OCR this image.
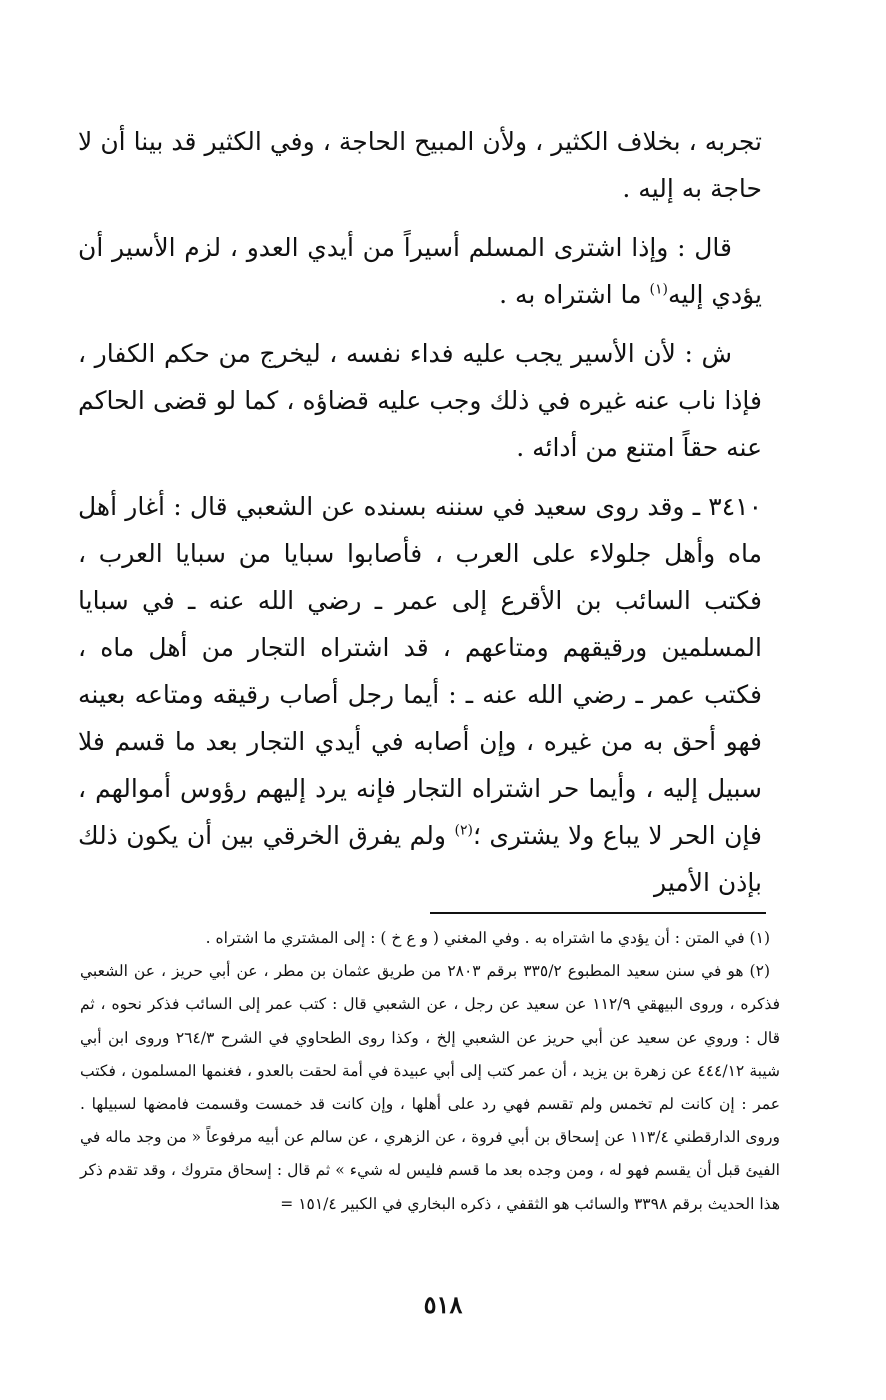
تجربه ، بخلاف الكثير ، ولأن المبيح الحاجة ، وفي الكثير قد بينا أن لا حاجة به إليه .

قال : وإذا اشترى المسلم أسيراً من أيدي العدو ، لزم الأسير أن يؤدي إليه$^{(١)}$ ما اشتراه به .

ش : لأن الأسير يجب عليه فداء نفسه ، ليخرج من حكم الكفار ، فإذا ناب عنه غيره في ذلك وجب عليه قضاؤه ، كما لو قضى الحاكم عنه حقاً امتنع من أدائه .

٣٤١٠ ـ وقد روى سعيد في سننه بسنده عن الشعبي قال : أغار أهل ماه وأهل جلولاء على العرب ، فأصابوا سبايا من سبايا العرب ، فكتب السائب بن الأقرع إلى عمر ـ رضي الله عنه ـ في سبايا المسلمين ورقيقهم ومتاعهم ، قد اشتراه التجار من أهل ماه ، فكتب عمر ـ رضي الله عنه ـ : أيما رجل أصاب رقيقه ومتاعه بعينه فهو أحق به من غيره ، وإن أصابه في أيدي التجار بعد ما قسم فلا سبيل إليه ، وأيما حر اشتراه التجار فإنه يرد إليهم رؤوس أموالهم ، فإن الحر لا يباع ولا يشترى ؛$^{(٢)}$ ولم يفرق الخرقي بين أن يكون ذلك بإذن الأمير

(١) في المتن : أن يؤدي ما اشتراه به . وفي المغني ( و ع خ ) : إلى المشتري ما اشتراه .

(٢) هو في سنن سعيد المطبوع ٣٣٥/٢ برقم ٢٨٠٣ من طريق عثمان بن مطر ، عن أبي حريز ، عن الشعبي فذكره ، وروى البيهقي ١١٢/٩ عن سعيد عن رجل ، عن الشعبي قال : كتب عمر إلى السائب فذكر نحوه ، ثم قال : وروي عن سعيد عن أبي حريز عن الشعبي إلخ ، وكذا روى الطحاوي في الشرح ٢٦٤/٣ وروى ابن أبي شيبة ٤٤٤/١٢ عن زهرة بن يزيد ، أن عمر كتب إلى أبي عبيدة في أمة لحقت بالعدو ، فغنمها المسلمون ، فكتب عمر : إن كانت لم تخمس ولم تقسم فهي رد على أهلها ، وإن كانت قد خمست وقسمت فامضها لسبيلها . وروى الدارقطني ١١٣/٤ عن إسحاق بن أبي فروة ، عن الزهري ، عن سالم عن أبيه مرفوعاً « من وجد ماله في الفيئ قبل أن يقسم فهو له ، ومن وجده بعد ما قسم فليس له شيء » ثم قال : إسحاق متروك ، وقد تقدم ذكر هذا الحديث برقم ٣٣٩٨ والسائب هو الثقفي ، ذكره البخاري في الكبير ١٥١/٤ =

٥١٨
